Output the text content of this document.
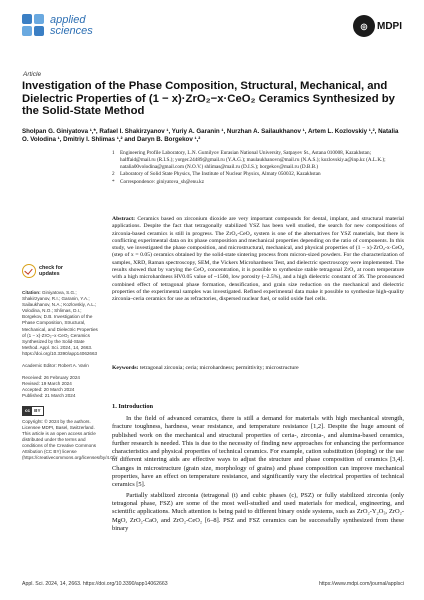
applied
sciences	◎ MDPI
Article
Investigation of the Phase Composition, Structural, Mechanical, and Dielectric Properties of (1 − x)·ZrO₂−x·CeO₂ Ceramics Synthesized by the Solid-State Method
Sholpan G. Giniyatova ¹,*, Rafael I. Shakirzyanov ¹, Yuriy A. Garanin ¹, Nurzhan A. Sailaukhanov ¹, Artem L. Kozlovskiy ¹,², Natalia O. Volodina ¹, Dmitriy I. Shlimas ¹,² and Daryn B. Borgekov ¹,²
1	Engineering Profile Laboratory, L.N. Gumilyov Eurasian National University, Satpayev St., Astana 010008, Kazakhstan; halffaid@mail.ru (R.I.S.); yorger.24489@gmail.ru (Y.A.G.); maulaukhanovn@mail.ru (N.A.S.); kozlovskiy.a@inp.kz (A.L.K.); natalia00volodina@gmail.com (N.O.V.) shlimas@mail.ru (D.I.S.); borgekov@mail.ru (D.B.B.)
2	Laboratory of Solid State Physics, The Institute of Nuclear Physics, Almaty 050032, Kazakhstan
*	Correspondence: giniyatova_sh@enu.kz
Abstract: Ceramics based on zirconium dioxide are very important compounds for dental, implant, and structural material applications. Despite the fact that tetragonally stabilized YSZ has been well studied, the search for new compositions of zirconia-based ceramics is still in progress. The ZrO₂-CeO₂ system is one of the alternatives for YSZ materials, but there is conflicting experimental data on its phase composition and mechanical properties depending on the ratio of components. In this study, we investigated the phase composition, and microstructural, mechanical, and physical properties of (1 − x)·ZrO₂-x·CeO₂ (step of x = 0.05) ceramics obtained by the solid-state sintering process from micron-sized powders. For the characterization of samples, XRD, Raman spectroscopy, SEM, the Vickers Microhardness Test, and dielectric spectroscopy were implemented. The results showed that by varying the CeO₂ concentration, it is possible to synthesize stable tetragonal ZrO₂ at room temperature with a high microhardness HV0.05 value of ~1500, low porosity (~2.5%), and a high dielectric constant of 36. The pronounced combined effect of tetragonal phase formation, densification, and grain size reduction on the mechanical and dielectric properties of the experimental samples was investigated. Refined experimental data make it possible to synthesize high-quality zirconia–ceria ceramics for use as refractories, dispersed nuclear fuel, or solid oxide fuel cells.
Keywords: tetragonal zirconia; ceria; microhardness; permittivity; microstructure
check for
updates
Citation: Giniyatova, S.G.; Shakirzyanov, R.I.; Garanin, Y.A.; Sailaukhanov, N.A.; Kozlovskiy, A.L.; Volodina, N.O.; Shlimas, D.I.; Borgekov, D.B. Investigation of the Phase Composition, Structural, Mechanical, and Dielectric Properties of (1 − x)·ZrO₂−x·CeO₂ Ceramics Synthesized by the Solid-State Method. Appl. Sci. 2024, 14, 2663. https://doi.org/10.3390/app14062663
Academic Editor: Robert A. Varin
Received: 26 February 2024
Revised: 19 March 2024
Accepted: 20 March 2024
Published: 21 March 2024
cc BY
Copyright: © 2024 by the authors. Licensee MDPI, Basel, Switzerland. This article is an open access article distributed under the terms and conditions of the Creative Commons Attribution (CC BY) license (https://creativecommons.org/licenses/by/4.0/).
1. Introduction

In the field of advanced ceramics, there is still a demand for materials with high mechanical strength, fracture toughness, hardness, wear resistance, and temperature resistance [1,2]. Despite the huge amount of published work on the mechanical and structural properties of ceria-, zirconia-, and alumina-based ceramics, further research is needed. This is due to the necessity of finding new approaches for enhancing the performance characteristics and physical properties of technical ceramics. For example, cation substitution (doping) or the use of different sintering aids are effective ways to adjust the structure and phase composition of ceramics [3,4]. Changes in microstructure (grain size, morphology of grains) and phase composition can improve mechanical properties, have an effect on temperature resistance, and significantly vary the electrical properties of technical ceramics [5].

Partially stabilized zirconia (tetragonal (t) and cubic phases (c), PSZ) or fully stabilized zirconia (only tetragonal phase, FSZ) are some of the most well-studied and used materials for medical, engineering, and scientific applications. Much attention is being paid to different binary oxide systems, such as ZrO₂-Y₂O₃, ZrO₂-MgO, ZrO₂-CaO, and ZrO₂-CeO₂ [6–8]. PSZ and FSZ ceramics can be successfully synthesized from these binary

Appl. Sci. 2024, 14, 2663. https://doi.org/10.3390/app14062663	https://www.mdpi.com/journal/applsci
